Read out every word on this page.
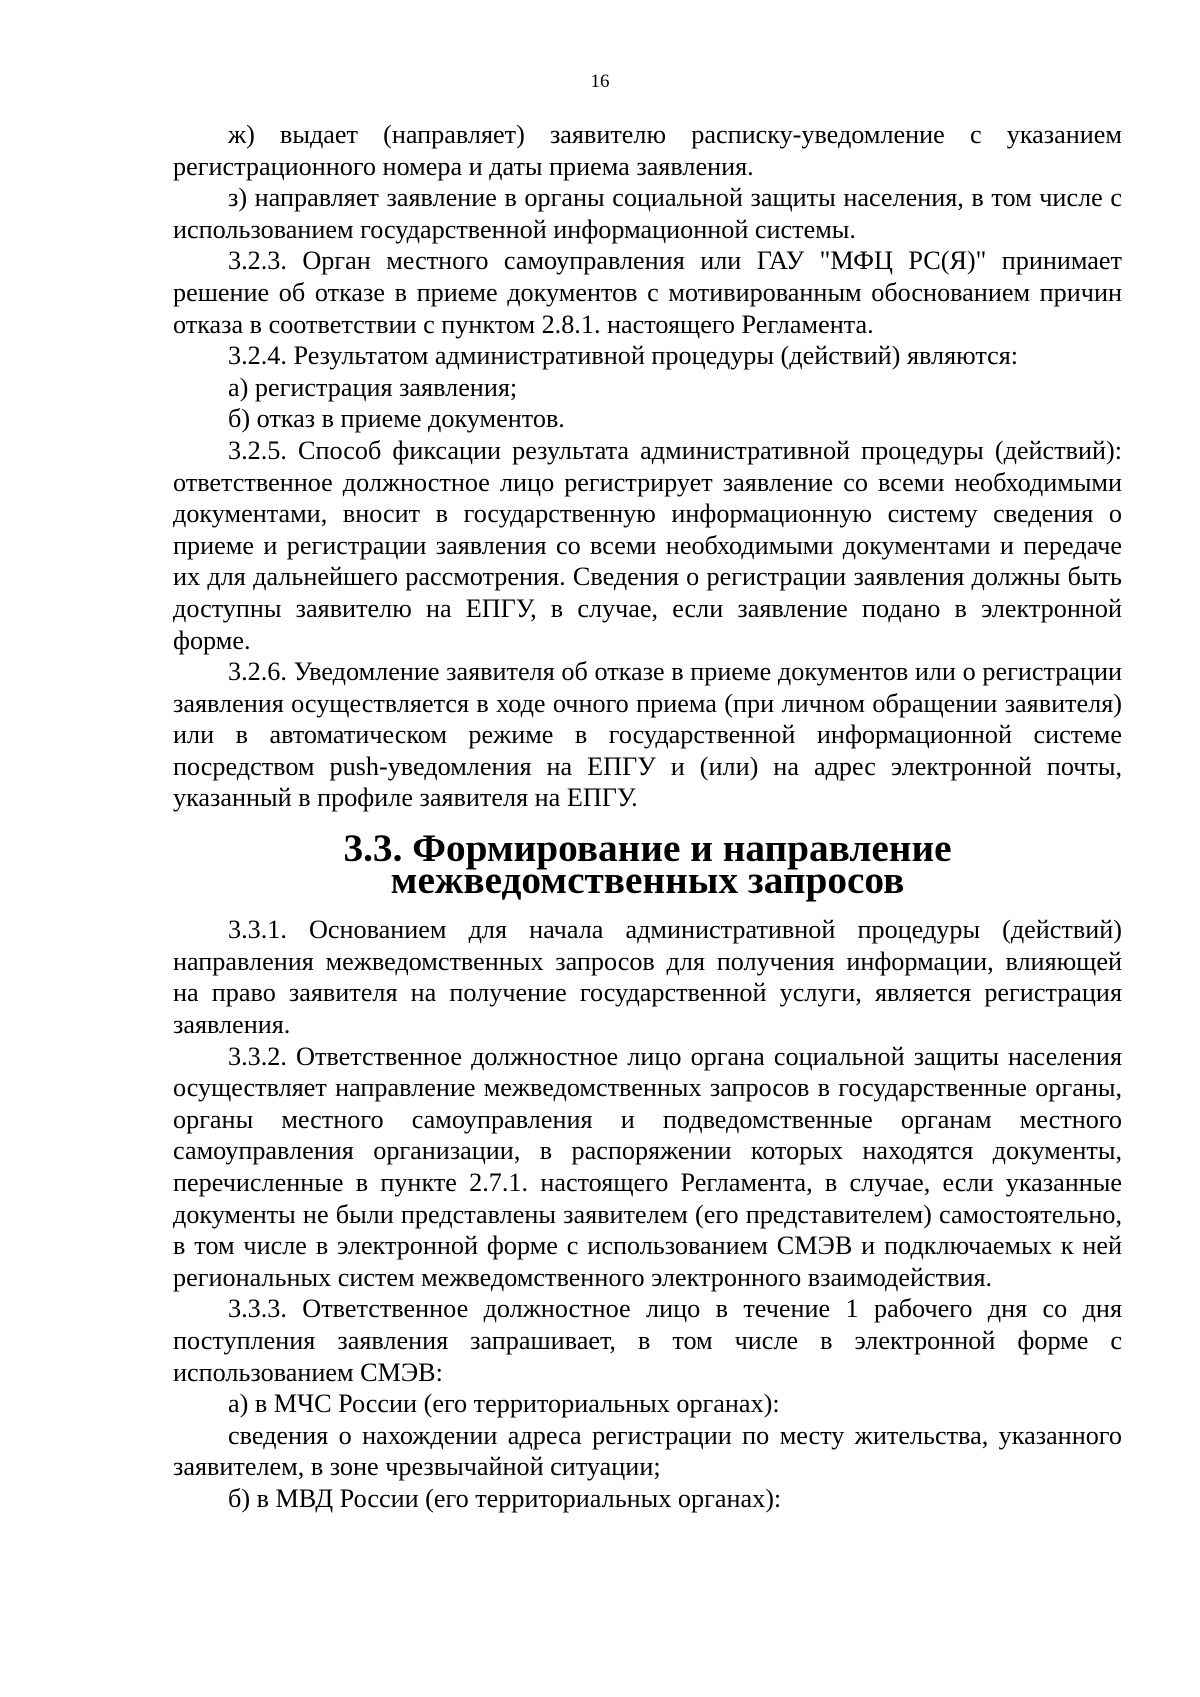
16

ж) выдает (направляет) заявителю расписку-уведомление с указанием регистрационного номера и даты приема заявления.

з) направляет заявление в органы социальной защиты населения, в том числе с использованием государственной информационной системы.

3.2.3. Орган местного самоуправления или ГАУ "МФЦ РС(Я)" принимает решение об отказе в приеме документов с мотивированным обоснованием причин отказа в соответствии с пунктом 2.8.1. настоящего Регламента.

3.2.4. Результатом административной процедуры (действий) являются:

а) регистрация заявления;

б) отказ в приеме документов.

3.2.5. Способ фиксации результата административной процедуры (действий): ответственное должностное лицо регистрирует заявление со всеми необходимыми документами, вносит в государственную информационную систему сведения о приеме и регистрации заявления со всеми необходимыми документами и передаче их для дальнейшего рассмотрения. Сведения о регистрации заявления должны быть доступны заявителю на ЕПГУ, в случае, если заявление подано в электронной форме.

3.2.6. Уведомление заявителя об отказе в приеме документов или о регистрации заявления осуществляется в ходе очного приема (при личном обращении заявителя) или в автоматическом режиме в государственной информационной системе посредством push-уведомления на ЕПГУ и (или) на адрес электронной почты, указанный в профиле заявителя на ЕПГУ.

3.3. Формирование и направление межведомственных запросов

3.3.1. Основанием для начала административной процедуры (действий) направления межведомственных запросов для получения информации, влияющей на право заявителя на получение государственной услуги, является регистрация заявления.

3.3.2. Ответственное должностное лицо органа социальной защиты населения осуществляет направление межведомственных запросов в государственные органы, органы местного самоуправления и подведомственные органам местного самоуправления организации, в распоряжении которых находятся документы, перечисленные в пункте 2.7.1. настоящего Регламента, в случае, если указанные документы не были представлены заявителем (его представителем) самостоятельно, в том числе в электронной форме с использованием СМЭВ и подключаемых к ней региональных систем межведомственного электронного взаимодействия.

3.3.3. Ответственное должностное лицо в течение 1 рабочего дня со дня поступления заявления запрашивает, в том числе в электронной форме с использованием СМЭВ:

а) в МЧС России (его территориальных органах):

сведения о нахождении адреса регистрации по месту жительства, указанного заявителем, в зоне чрезвычайной ситуации;

б) в МВД России (его территориальных органах):
